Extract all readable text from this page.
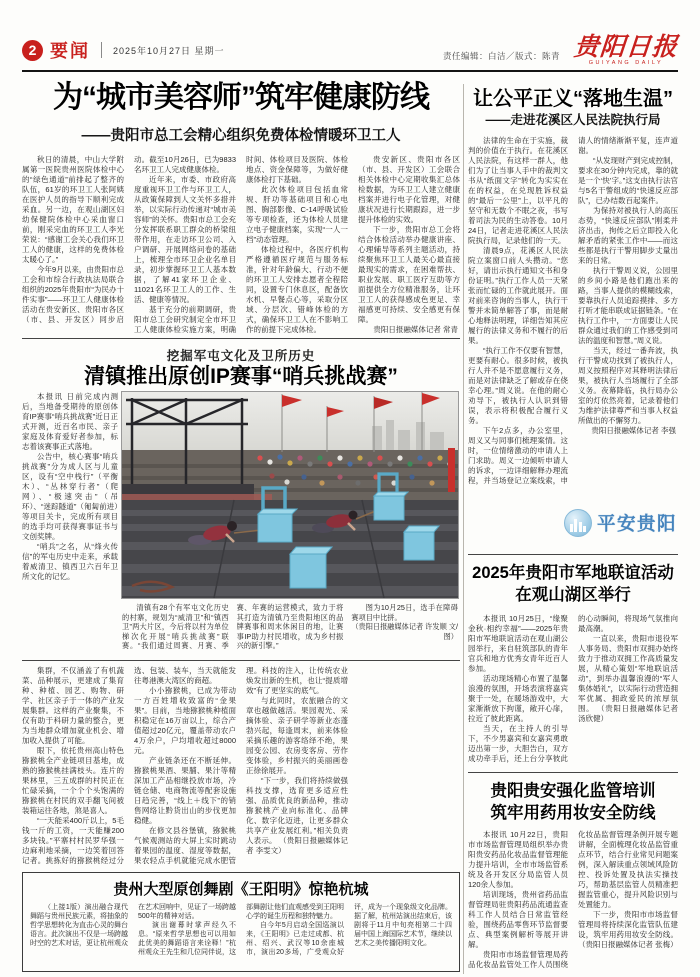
2 要闻	2025年10月27日 星期一
责任编辑：白洁／版式：陈青 贵阳日报
GUIYANG DAILY
为“城市美容师”筑牢健康防线
——贵阳市总工会精心组织免费体检情暖环卫工人

秋日的清晨，中山大学附属第一医院贵州医院体检中心的“绿色通道”前排起了整齐的队伍，61岁的环卫工人张阿姨在医护人员的指导下顺利完成采血。另一边，在观山湖区妇幼保健院体检中心采血窗口前，刚采完血的环卫工人李光荣说：“感谢工会关心我们环卫工人的健康，这样的免费体检太暖心了。”

今年9月以来，由贵阳市总工会和市综合行政执法局联合组织的2025年贵阳市“为民办十件实事”——环卫工人健康体检活动在贵安新区、贵阳市各区（市、县、开发区）同步启动。截至10月26日，已为9833名环卫工人完成健康体检。

近年来，市委、市政府高度重视环卫工作与环卫工人，从政策保障到人文关怀多措并举，以实际行动传递对“城市美容师”的关怀。贵阳市总工会充分发挥联系职工群众的桥梁纽带作用，在走访环卫公司、入户调研、开展网络问卷的基础上，梳理全市环卫企业名单目录，初步掌握环卫工人基本数据，了解41家环卫企业、11021名环卫工人的工作、生活、健康等情况。

基于充分的前期调研，贵阳市总工会研究制定全市环卫工人健康体检实施方案，明确时间、体检项目及医院、体检地点、资金保障等，为做好健康体检打下基础。

此次体检项目包括血常规、肝功等基础项目和心电图、胸部影像、C-14呼吸试验等专项检查，还为体检人员建立电子健康档案，实现“一人一档”动态管理。

体检过程中，各医疗机构严格遵循医疗规范与服务标准，针对年龄偏大、行动不便的环卫工人安排志愿者全程陪同，设置专门休息区，配备饮水机、早餐点心等，采取分区域、分层次、错峰体检的方式，确保环卫工人在不影响工作的前提下完成体检。

贵安新区、贵阳市各区（市、县、开发区）工会联合相关体检中心定期收集汇总体检数据，为环卫工人建立健康档案并进行电子化管理，对健康状况进行长期跟踪，进一步提升体检的实效。

下一步，贵阳市总工会将结合体检活动举办健康讲座、心理辅导等系列主题活动，持续聚焦环卫工人最关心最直接最现实的需求，在困难帮扶、职业发展、职工医疗互助等方面提供全方位精准服务，让环卫工人的获得感成色更足、幸福感更可持续、安全感更有保障。

贵阳日报融媒体记者 常青

挖掘军屯文化及卫所历史
清镇推出原创IP赛事“哨兵挑战赛”

本报讯 日前完成内测后，当地备受期待的原创体育IP赛事“哨兵挑战赛”近日正式开测，近百名市民、亲子家庭及体育爱好者参加，标志着该赛事正式落地。

公告中，核心赛事“哨兵挑战赛”分为成人区与儿童区，设有“空中栈行”（平衡木）、“丛林穿行者”（爬网）、“极速突击”（吊环）、“迷踪隧道”（匍匐前进）等项目关卡，完成所有项目的选手均可获得赛事证书与文创奖牌。

“哨兵”之名，从“烽火传信”的军屯历史中走来，承载着威清卫、镇西卫六百年卫所文化的记忆。

清镇有28个有军屯文化历史的村寨，规划为“威清卫”和“镇西卫”两大片区，今后将以村为单位梯次化开展“哨兵挑战赛”联赛。“我们通过周赛、月赛、季赛、年赛的运营模式，致力于将其打造为清镇乃至贵阳地区的品牌赛事和周末休闲目的地，让赛事IP助力村民增收，成为乡村振兴的新引擎。”

图为10月25日，选手在障碍赛项目中比拼。

（贵阳日报融媒体记者 许发顺 文/图）

集群，不仅涵盖了有机蔬菜、品种展示，更建成了集育种、种植、园艺、购物、研学、社区亲子于一体的产业发展集群。这样的产业聚集，不仅有助于科研力量的整合，更为当地群众增加就业机会、增加收入提供了可能。

眼下，依托贵州高山特色猕猴桃全产业链项目基地，成熟的猕猴桃挂满枝头。连片的果林里，三五成群的村民正在忙碌采摘，一个个个头饱满的猕猴桃在村民的双手翻飞间被装箱运往各地，煞是喜人。

“一天能采400斤以上，5毛钱一斤的工资，一天能赚200多块钱。”平寨村村民罗华强一边麻利地采摘，一边笑着回答记者。挑拣好的猕猴桃经过分选、包装、装车，当天就能发往粤港澳大湾区的商超。

小小猕猴桃，已成为带动一方百姓增收致富的“金果果”。目前，当地猕猴桃种植面积稳定在16万亩以上，综合产值超过20亿元，覆盖带动农户4万余户，户均增收超过8000元。

产业链条还在不断延伸。猕猴桃果酒、果脯、果汁等精深加工产品相继投放市场，冷链仓储、电商物流等配套设施日趋完善，“线上＋线下”的销售网络让黔货出山的步伐更加稳健。

在修文县谷堡镇，猕猴桃气候观测站的大屏上实时跳动着果园的温度、湿度等数据，果农轻点手机就能完成水肥管理。科技的注入，让传统农业焕发出新的生机，也让“提质增效”有了更坚实的底气。

与此同时，农旅融合的文章也越做越活。果园观光、采摘体验、亲子研学等新业态蓬勃兴起，每逢周末，前来体验采摘乐趣的游客络绎不绝，果园变公园、农房变客房、劳作变体验，乡村振兴的美丽画卷正徐徐展开。

“下一步，我们将持续做强科技支撑，选育更多适应性强、品质优良的新品种，推动猕猴桃产业向标准化、品牌化、数字化迈进，让更多群众共享产业发展红利。”相关负责人表示。 （贵阳日报融媒体记者 李雯文）

贵州大型原创舞剧《王阳明》惊艳杭城

（上接1版）演出融合现代舞蹈与贵州民族元素，将抽象的哲学思想转化为直击心灵的舞台语言。此次演出不仅是一场跨越时空的艺术对话，更让杭州观众在艺术回响中，见证了一场跨越500年的精神对话。

演出谢幕时掌声经久不息。“原来哲学思想也可以用如此优美的舞蹈语言来诠释！”杭州观众王先生和几位同伴说，这部舞剧让他们直观感受到王阳明心学的诞生历程和独特魅力。

自今年5月启动全国巡演以来，《王阳明》已走过成都、杭州、绍兴、武汉等10余座城市，演出20多场，广受观众好评，成为一个现象级文化品牌。据了解，杭州站演出结束后，该剧将于11月中旬亮相第二十四届中国上海国际艺术节，继续以艺术之美传播阳明文化。

让公平正义“落地生温”
——走进花溪区人民法院执行局

法律的生命在于实施，裁判的价值在于执行。在花溪区人民法院，有这样一群人，他们为了让当事人手中的裁判文书从“纸面文字”转化为实实在在的权益，在兑现胜诉权益的“最后一公里”上，以平凡的坚守和无数个不眠之夜，书写着司法为民的生动答卷。10月24日，记者走进花溪区人民法院执行局，记录他们的一天。

清晨9点，花溪区人民法院立案窗口前人头攒动。“您好，请出示执行通知文书和身份证明。”执行工作人员一天紧张而忙碌的工作就此展开。面对前来咨询的当事人，执行干警并未简单解答了事，而是耐心地释法明理，详细告知其应履行的法律义务和不履行的后果。

“执行工作不仅要有智慧，更要有耐心。很多时候，被执行人并不是不愿意履行义务，而是对法律缺乏了解或存在侥幸心理。”周义说。在他的耐心劝导下，被执行人认识到错误，表示将积极配合履行义务。

下午2点多，办公室里，周义又与同事们梳理案情。这时，一位情绪激动的申请人上门求助。周义一边倾听申请人的诉求，一边详细解释办理流程，并当场登记立案线索，申请人的情绪渐渐平复，连声道谢。

“从发现财产到完成控制，要求在30分钟内完成，靠的就是一个‘快’字。”这支由执行法官与5名干警组成的“快速反应部队”，已办结数百起案件。

为保持对被执行人的高压态势，“快速反应部队”刚柔并济出击，拘传之后立即投入化解矛盾的紧张工作中——而这些都是执行干警用脚步丈量出来的日常。

执行干警周义说，公园里的乡间小路是他们跑出来的路，当事人提供的模糊线索，要靠执行人员追踪摸排、多方打听才能串联成证据链条。“在执行工作中，一方面要让人民群众通过我们的工作感受到司法的温度和智慧。”周义说。

当天，经过一番奔波，执行干警成功找到了被执行人，周义按照程序对其释明法律后果，被执行人当场履行了全部义务。夜幕降临，执行局办公室的灯依然亮着，记录着他们为维护法律尊严和当事人权益所做出的不懈努力。

贵阳日报融媒体记者 李强

平安贵阳
2025年贵阳市军地联谊活动
在观山湖区举行

本报讯 10月25日，“缘聚金秋·相约幸福”——2025年贵阳市军地联谊活动在观山湖公园举行，来自驻筑部队的青年官兵和地方优秀女青年近百人参加。

活动现场精心布置了温馨浪漫的氛围，开场表演将嘉宾聚于一处，在暖场游戏中，大家渐渐放下拘谨，敞开心扉，拉近了彼此距离。

当天，在主持人的引导下，不少男嘉宾和女嘉宾勇敢迈出第一步，大胆告白，双方成功牵手后，还上台分享彼此的心动瞬间，将现场气氛推向最高潮。

一直以来，贵阳市退役军人事务局、贵阳市双拥办始终致力于推动双拥工作高质量发展，从精心策划“军地联谊活动”，到举办温馨浪漫的“军人集体婚礼”，以实际行动营造拥军优属、拥政爱民的浓厚氛围。 （贵阳日报融媒体记者 汤欣健）

贵阳贵安强化监管培训
筑牢用药用妆安全防线

本报讯 10月22日，贵阳市市场监督管理局组织举办贵阳贵安药品化妆品监督管理能力提升培训，全市市场监管系统及各开发区分局监管人员120余人参加。

培训现场，贵州省药品监督管理局驻贵阳药品流通监查科工作人员结合日常监管经验，围绕药品零售环节监督要点、典型案例解析等展开讲解。

贵阳市市场监督管理局药品化妆品监管处工作人员围绕化妆品监督管理条例开展专题讲解，全面梳理化妆品监管重点环节，结合行业常见问题案例，深入解读重点领域风险防控、投诉处置及执法实操技巧，帮助基层监管人员精准把握监管重心，提升风险识别与处置能力。

下一步，贵阳市市场监督管理局将持续深化监管队伍建设，筑牢用药用妆安全防线。 （贵阳日报融媒体记者 张梅）
